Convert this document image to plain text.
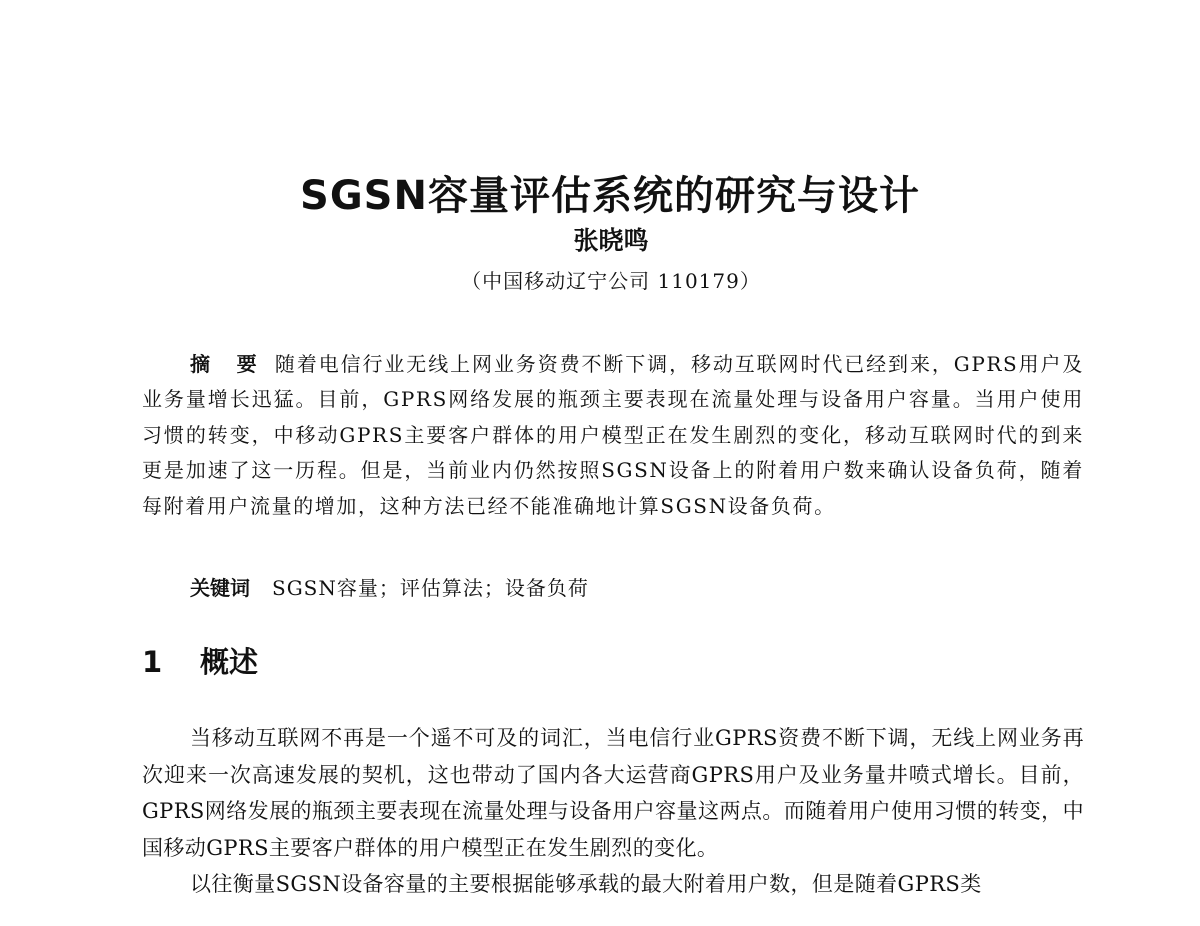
SGSN容量评估系统的研究与设计
张晓鸣
（中国移动辽宁公司 110179）
摘 要 随着电信行业无线上网业务资费不断下调，移动互联网时代已经到来，GPRS用户及业务量增长迅猛。目前，GPRS网络发展的瓶颈主要表现在流量处理与设备用户容量。当用户使用习惯的转变，中移动GPRS主要客户群体的用户模型正在发生剧烈的变化，移动互联网时代的到来更是加速了这一历程。但是，当前业内仍然按照SGSN设备上的附着用户数来确认设备负荷，随着每附着用户流量的增加，这种方法已经不能准确地计算SGSN设备负荷。
关键词 SGSN容量；评估算法；设备负荷
1 概述

当移动互联网不再是一个遥不可及的词汇，当电信行业GPRS资费不断下调，无线上网业务再次迎来一次高速发展的契机，这也带动了国内各大运营商GPRS用户及业务量井喷式增长。目前，GPRS网络发展的瓶颈主要表现在流量处理与设备用户容量这两点。而随着用户使用习惯的转变，中国移动GPRS主要客户群体的用户模型正在发生剧烈的变化。

以往衡量SGSN设备容量的主要根据能够承载的最大附着用户数，但是随着GPRS类
